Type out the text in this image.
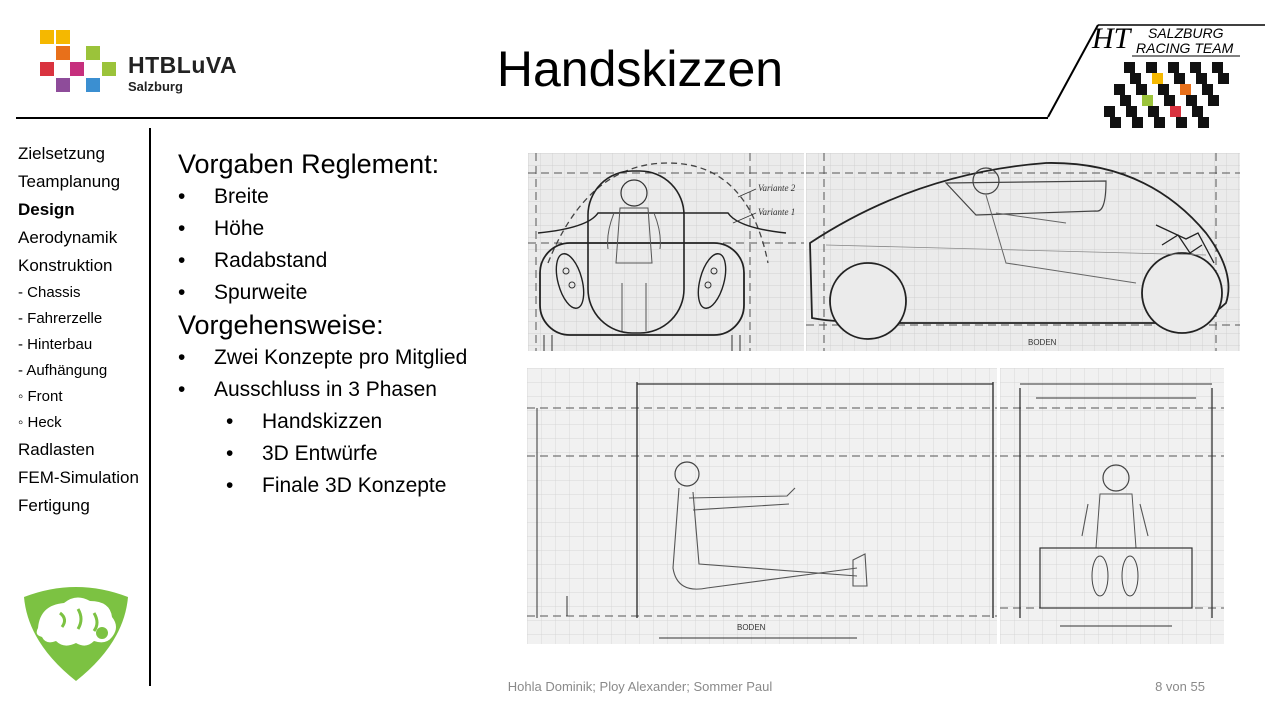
HTBLuVA
Salzburg	Handskizzen
HT SALZBURG
RACING TEAM
Zielsetzung
Teamplanung
Design
Aerodynamik
Konstruktion
- Chassis
- Fahrerzelle
- Hinterbau
- Aufhängung
◦ Front
◦ Heck
Radlasten
FEM-Simulation
Fertigung
Vorgaben Reglement:
• Breite
• Höhe
• Radabstand
• Spurweite
Vorgehensweise:
• Zwei Konzepte pro Mitglied
• Ausschluss in 3 Phasen
• Handskizzen
• 3D Entwürfe
• Finale 3D Konzepte
Variante 2
Variante 1
BODEN
BODEN
Hohla Dominik; Ploy Alexander; Sommer Paul	8 von 55
